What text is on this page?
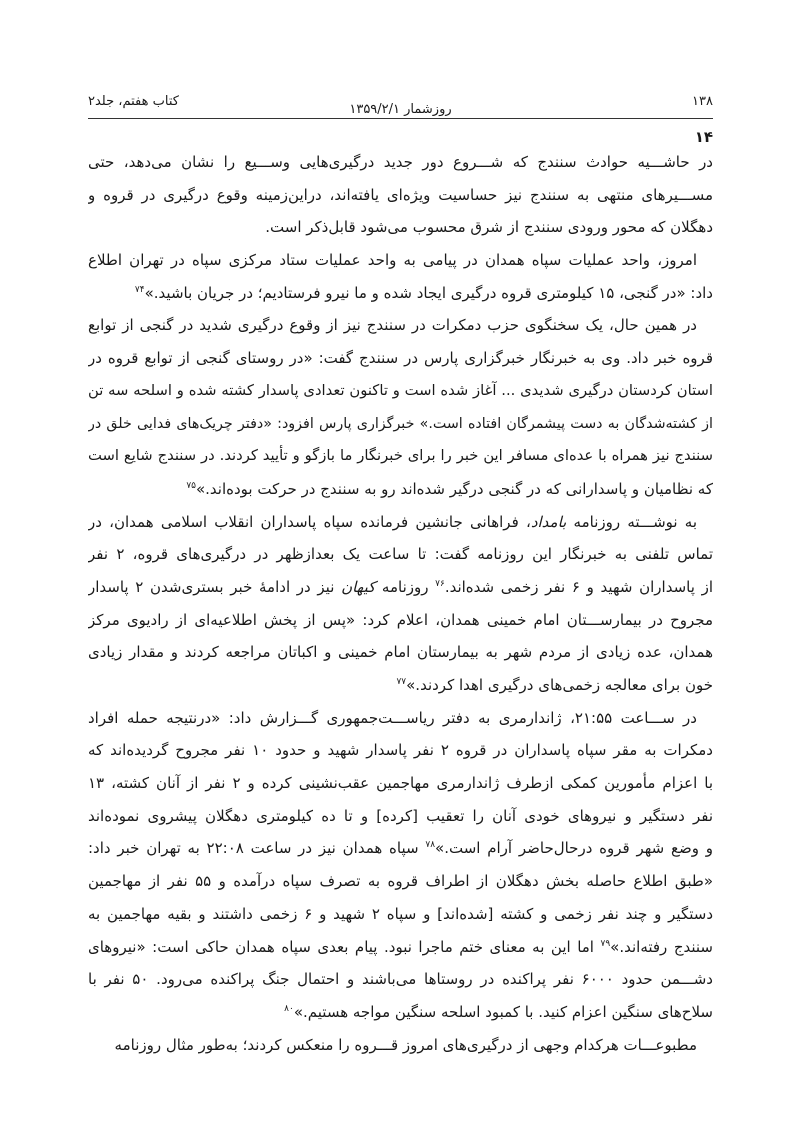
۱۳۸
روزشمار ۱۳۵۹/۲/۱
کتاب هفتم، جلد۲
۱۴
در حاشـــیه حوادث سنندج که شـــروع دور جدید درگیری‌هایی وســـیع را نشان می‌دهد، حتی
مســـیرهای منتهی به سنندج نیز حساسیت ویژه‌ای یافته‌اند، دراین‌زمینه وقوع درگیری در قروه و
دهگلان که محور ورودی سنندج از شرق محسوب می‌شود قابل‌ذکر است.
امروز، واحد عملیات سپاه همدان در پیامی به واحد عملیات ستاد مرکزی سپاه در تهران اطلاع
داد: «در گنجی، ۱۵ کیلومتری قروه درگیری ایجاد شده و ما نیرو فرستادیم؛ در جریان باشید.»$^{۷۴}$
در همین حال، یک سخنگوی حزب دمکرات در سنندج نیز از وقوع درگیری شدید در گنجی از توابع
قروه خبر داد. وی به خبرنگار خبرگزاری پارس در سنندج گفت: «در روستای گنجی از توابع قروه در
استان کردستان درگیری شدیدی ... آغاز شده است و تاکنون تعدادی پاسدار کشته شده و اسلحه سه تن
از کشته‌شدگان به دست پیشمرگان افتاده است.» خبرگزاری پارس افزود: «دفتر چریک‌های فدایی خلق در
سنندج نیز همراه با عده‌ای مسافر این خبر را برای خبرنگار ما بازگو و تأیید کردند. در سنندج شایع است
که نظامیان و پاسدارانی که در گنجی درگیر شده‌اند رو به سنندج در حرکت بوده‌اند.»$^{۷۵}$
به نوشـــته روزنامه بامداد، فراهانی جانشین فرمانده سپاه پاسداران انقلاب اسلامی همدان، در
تماس تلفنی به خبرنگار این روزنامه گفت: تا ساعت یک بعدازظهر در درگیری‌های قروه، ۲ نفر
از پاسداران شهید و ۶ نفر زخمی شده‌اند.$^{۷۶}$ روزنامه کیهان نیز در ادامهٔ خبر بستری‌شدن ۲ پاسدار
مجروح در بیمارســـتان امام خمینی همدان، اعلام کرد: «پس از پخش اطلاعیه‌ای از رادیوی مرکز
همدان، عده زیادی از مردم شهر به بیمارستان امام خمینی و اکباتان مراجعه کردند و مقدار زیادی
خون برای معالجه زخمی‌های درگیری اهدا کردند.»$^{۷۷}$
در ســـاعت ۲۱:۵۵، ژاندارمری به دفتر ریاســـت‌جمهوری گـــزارش داد: «درنتیجه حمله افراد
دمکرات به مقر سپاه پاسداران در قروه ۲ نفر پاسدار شهید و حدود ۱۰ نفر مجروح گردیده‌اند که
با اعزام مأمورین کمکی ازطرف ژاندارمری مهاجمین عقب‌نشینی کرده و ۲ نفر از آنان کشته، ۱۳
نفر دستگیر و نیروهای خودی آنان را تعقیب [کرده] و تا ده کیلومتری دهگلان پیشروی نموده‌اند
و وضع شهر قروه درحال‌حاضر آرام است.»$^{۷۸}$ سپاه همدان نیز در ساعت ۲۲:۰۸ به تهران خبر داد:
«طبق اطلاع حاصله بخش دهگلان از اطراف قروه به تصرف سپاه درآمده و ۵۵ نفر از مهاجمین
دستگیر و چند نفر زخمی و کشته [شده‌اند] و سپاه ۲ شهید و ۶ زخمی داشتند و بقیه مهاجمین به
سنندج رفته‌اند.»$^{۷۹}$ اما این به معنای ختم ماجرا نبود. پیام بعدی سپاه همدان حاکی است: «نیروهای
دشـــمن حدود ۶۰۰۰ نفر پراکنده در روستاها می‌باشند و احتمال جنگ پراکنده می‌رود. ۵۰ نفر با
سلاح‌های سنگین اعزام کنید. با کمبود اسلحه سنگین مواجه هستیم.»$^{۸۰}$
مطبوعـــات هرکدام وجهی از درگیری‌های امروز قـــروه را منعکس کردند؛ به‌طور مثال روزنامه
